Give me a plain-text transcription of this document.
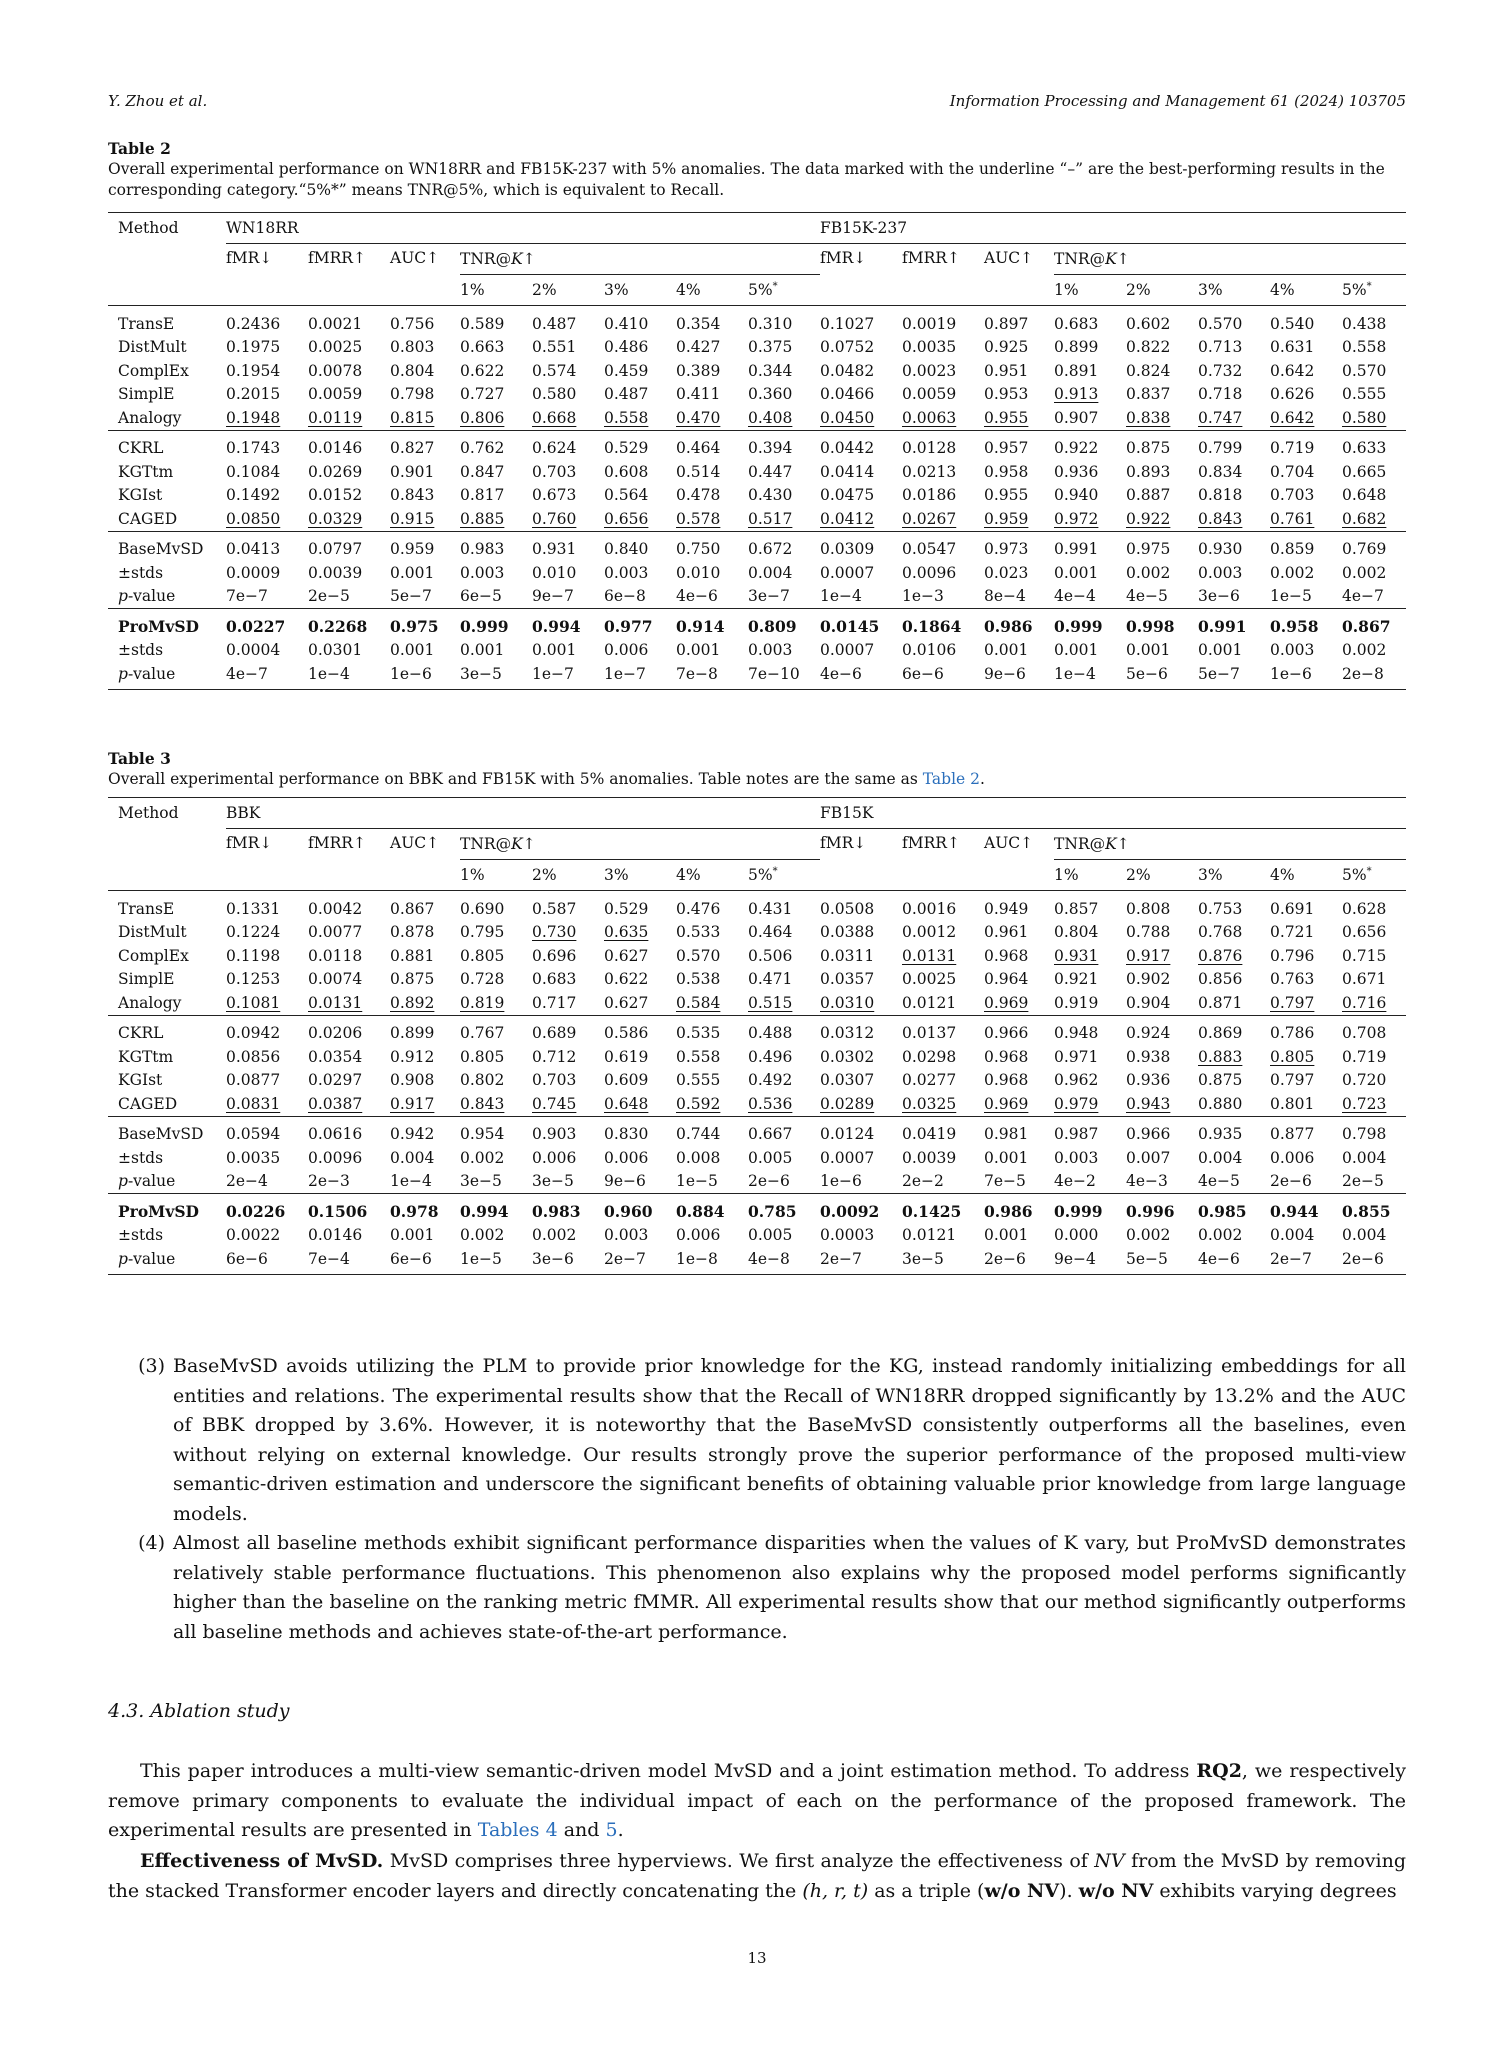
Y. Zhou et al.	Information Processing and Management 61 (2024) 103705
Table 2
Overall experimental performance on WN18RR and FB15K-237 with 5% anomalies. The data marked with the underline “–” are the best-performing results in the corresponding category.“5%*” means TNR@5%, which is equivalent to Recall.
Method	WN18RR								FB15K-237							
	fMR↓	fMRR↑	AUC↑	TNR@K↑					fMR↓	fMRR↑	AUC↑	TNR@K↑				
				1%	2%	3%	4%	5%*				1%	2%	3%	4%	5%*
TransE	0.2436	0.0021	0.756	0.589	0.487	0.410	0.354	0.310	0.1027	0.0019	0.897	0.683	0.602	0.570	0.540	0.438
DistMult	0.1975	0.0025	0.803	0.663	0.551	0.486	0.427	0.375	0.0752	0.0035	0.925	0.899	0.822	0.713	0.631	0.558
ComplEx	0.1954	0.0078	0.804	0.622	0.574	0.459	0.389	0.344	0.0482	0.0023	0.951	0.891	0.824	0.732	0.642	0.570
SimplE	0.2015	0.0059	0.798	0.727	0.580	0.487	0.411	0.360	0.0466	0.0059	0.953	0.913	0.837	0.718	0.626	0.555
Analogy	0.1948	0.0119	0.815	0.806	0.668	0.558	0.470	0.408	0.0450	0.0063	0.955	0.907	0.838	0.747	0.642	0.580
CKRL	0.1743	0.0146	0.827	0.762	0.624	0.529	0.464	0.394	0.0442	0.0128	0.957	0.922	0.875	0.799	0.719	0.633
KGTtm	0.1084	0.0269	0.901	0.847	0.703	0.608	0.514	0.447	0.0414	0.0213	0.958	0.936	0.893	0.834	0.704	0.665
KGIst	0.1492	0.0152	0.843	0.817	0.673	0.564	0.478	0.430	0.0475	0.0186	0.955	0.940	0.887	0.818	0.703	0.648
CAGED	0.0850	0.0329	0.915	0.885	0.760	0.656	0.578	0.517	0.0412	0.0267	0.959	0.972	0.922	0.843	0.761	0.682
BaseMvSD	0.0413	0.0797	0.959	0.983	0.931	0.840	0.750	0.672	0.0309	0.0547	0.973	0.991	0.975	0.930	0.859	0.769
±stds	0.0009	0.0039	0.001	0.003	0.010	0.003	0.010	0.004	0.0007	0.0096	0.023	0.001	0.002	0.003	0.002	0.002
p-value	7e−7	2e−5	5e−7	6e−5	9e−7	6e−8	4e−6	3e−7	1e−4	1e−3	8e−4	4e−4	4e−5	3e−6	1e−5	4e−7
ProMvSD	0.0227	0.2268	0.975	0.999	0.994	0.977	0.914	0.809	0.0145	0.1864	0.986	0.999	0.998	0.991	0.958	0.867
±stds	0.0004	0.0301	0.001	0.001	0.001	0.006	0.001	0.003	0.0007	0.0106	0.001	0.001	0.001	0.001	0.003	0.002
p-value	4e−7	1e−4	1e−6	3e−5	1e−7	1e−7	7e−8	7e−10	4e−6	6e−6	9e−6	1e−4	5e−6	5e−7	1e−6	2e−8
Table 3
Overall experimental performance on BBK and FB15K with 5% anomalies. Table notes are the same as Table 2.
Method	BBK								FB15K							
	fMR↓	fMRR↑	AUC↑	TNR@K↑					fMR↓	fMRR↑	AUC↑	TNR@K↑				
				1%	2%	3%	4%	5%*				1%	2%	3%	4%	5%*
TransE	0.1331	0.0042	0.867	0.690	0.587	0.529	0.476	0.431	0.0508	0.0016	0.949	0.857	0.808	0.753	0.691	0.628
DistMult	0.1224	0.0077	0.878	0.795	0.730	0.635	0.533	0.464	0.0388	0.0012	0.961	0.804	0.788	0.768	0.721	0.656
ComplEx	0.1198	0.0118	0.881	0.805	0.696	0.627	0.570	0.506	0.0311	0.0131	0.968	0.931	0.917	0.876	0.796	0.715
SimplE	0.1253	0.0074	0.875	0.728	0.683	0.622	0.538	0.471	0.0357	0.0025	0.964	0.921	0.902	0.856	0.763	0.671
Analogy	0.1081	0.0131	0.892	0.819	0.717	0.627	0.584	0.515	0.0310	0.0121	0.969	0.919	0.904	0.871	0.797	0.716
CKRL	0.0942	0.0206	0.899	0.767	0.689	0.586	0.535	0.488	0.0312	0.0137	0.966	0.948	0.924	0.869	0.786	0.708
KGTtm	0.0856	0.0354	0.912	0.805	0.712	0.619	0.558	0.496	0.0302	0.0298	0.968	0.971	0.938	0.883	0.805	0.719
KGIst	0.0877	0.0297	0.908	0.802	0.703	0.609	0.555	0.492	0.0307	0.0277	0.968	0.962	0.936	0.875	0.797	0.720
CAGED	0.0831	0.0387	0.917	0.843	0.745	0.648	0.592	0.536	0.0289	0.0325	0.969	0.979	0.943	0.880	0.801	0.723
BaseMvSD	0.0594	0.0616	0.942	0.954	0.903	0.830	0.744	0.667	0.0124	0.0419	0.981	0.987	0.966	0.935	0.877	0.798
±stds	0.0035	0.0096	0.004	0.002	0.006	0.006	0.008	0.005	0.0007	0.0039	0.001	0.003	0.007	0.004	0.006	0.004
p-value	2e−4	2e−3	1e−4	3e−5	3e−5	9e−6	1e−5	2e−6	1e−6	2e−2	7e−5	4e−2	4e−3	4e−5	2e−6	2e−5
ProMvSD	0.0226	0.1506	0.978	0.994	0.983	0.960	0.884	0.785	0.0092	0.1425	0.986	0.999	0.996	0.985	0.944	0.855
±stds	0.0022	0.0146	0.001	0.002	0.002	0.003	0.006	0.005	0.0003	0.0121	0.001	0.000	0.002	0.002	0.004	0.004
p-value	6e−6	7e−4	6e−6	1e−5	3e−6	2e−7	1e−8	4e−8	2e−7	3e−5	2e−6	9e−4	5e−5	4e−6	2e−7	2e−6
(3) BaseMvSD avoids utilizing the PLM to provide prior knowledge for the KG, instead randomly initializing embeddings for all entities and relations. The experimental results show that the Recall of WN18RR dropped significantly by 13.2% and the AUC of BBK dropped by 3.6%. However, it is noteworthy that the BaseMvSD consistently outperforms all the baselines, even without relying on external knowledge. Our results strongly prove the superior performance of the proposed multi-view semantic-driven estimation and underscore the significant benefits of obtaining valuable prior knowledge from large language models.
(4) Almost all baseline methods exhibit significant performance disparities when the values of K vary, but ProMvSD demonstrates relatively stable performance fluctuations. This phenomenon also explains why the proposed model performs significantly higher than the baseline on the ranking metric fMMR. All experimental results show that our method significantly outperforms all baseline methods and achieves state-of-the-art performance.
4.3. Ablation study
This paper introduces a multi-view semantic-driven model MvSD and a joint estimation method. To address RQ2, we respectively remove primary components to evaluate the individual impact of each on the performance of the proposed framework. The experimental results are presented in Tables 4 and 5.
Effectiveness of MvSD. MvSD comprises three hyperviews. We first analyze the effectiveness of NV from the MvSD by removing the stacked Transformer encoder layers and directly concatenating the (h, r, t) as a triple (w/o NV). w/o NV exhibits varying degrees
13
